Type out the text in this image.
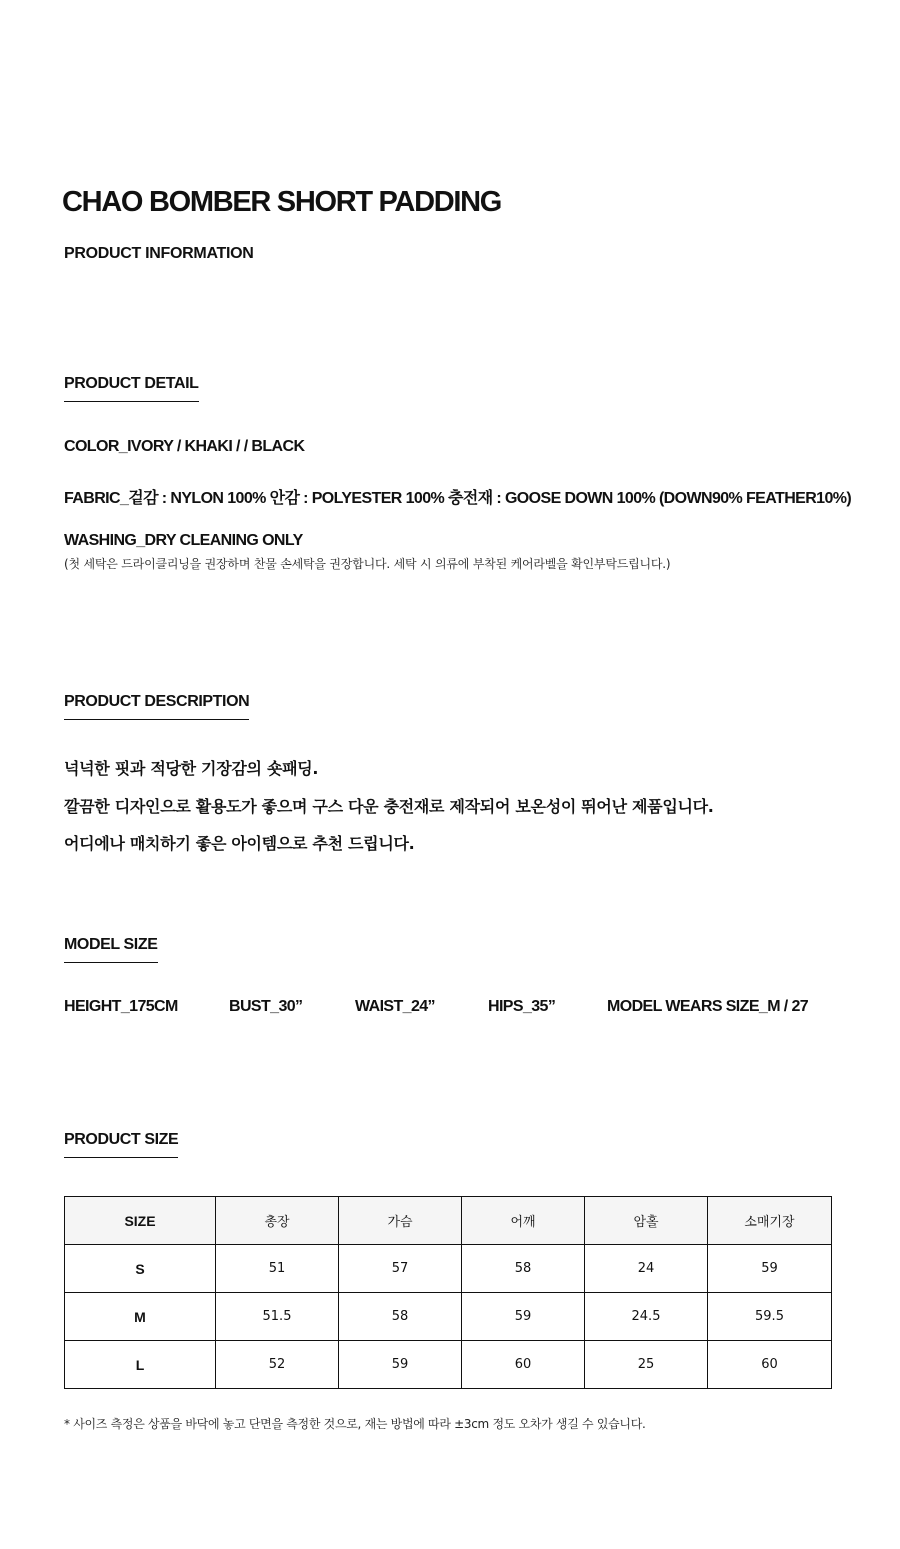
CHAO BOMBER SHORT PADDING
PRODUCT INFORMATION
PRODUCT DETAIL
COLOR_IVORY / KHAKI / / BLACK
FABRIC_겉감 : NYLON 100% 안감 : POLYESTER 100% 충전재 : GOOSE DOWN 100% (DOWN90% FEATHER10%)
WASHING_DRY CLEANING ONLY
(첫 세탁은 드라이클리닝을 권장하며 찬물 손세탁을 권장합니다. 세탁 시 의류에 부착된 케어라벨을 확인부탁드립니다.)
PRODUCT DESCRIPTION
넉넉한 핏과 적당한 기장감의 숏패딩.
깔끔한 디자인으로 활용도가 좋으며 구스 다운 충전재로 제작되어 보온성이 뛰어난 제품입니다.
어디에나 매치하기 좋은 아이템으로 추천 드립니다.
MODEL SIZE
HEIGHT_175CM	BUST_30”	WAIST_24”	HIPS_35”	MODEL WEARS SIZE_M / 27
PRODUCT SIZE
SIZE	총장	가슴	어깨	암홀	소매기장
S	51	57	58	24	59
M	51.5	58	59	24.5	59.5
L	52	59	60	25	60
* 사이즈 측정은 상품을 바닥에 놓고 단면을 측정한 것으로, 재는 방법에 따라 ±3cm 정도 오차가 생길 수 있습니다.
